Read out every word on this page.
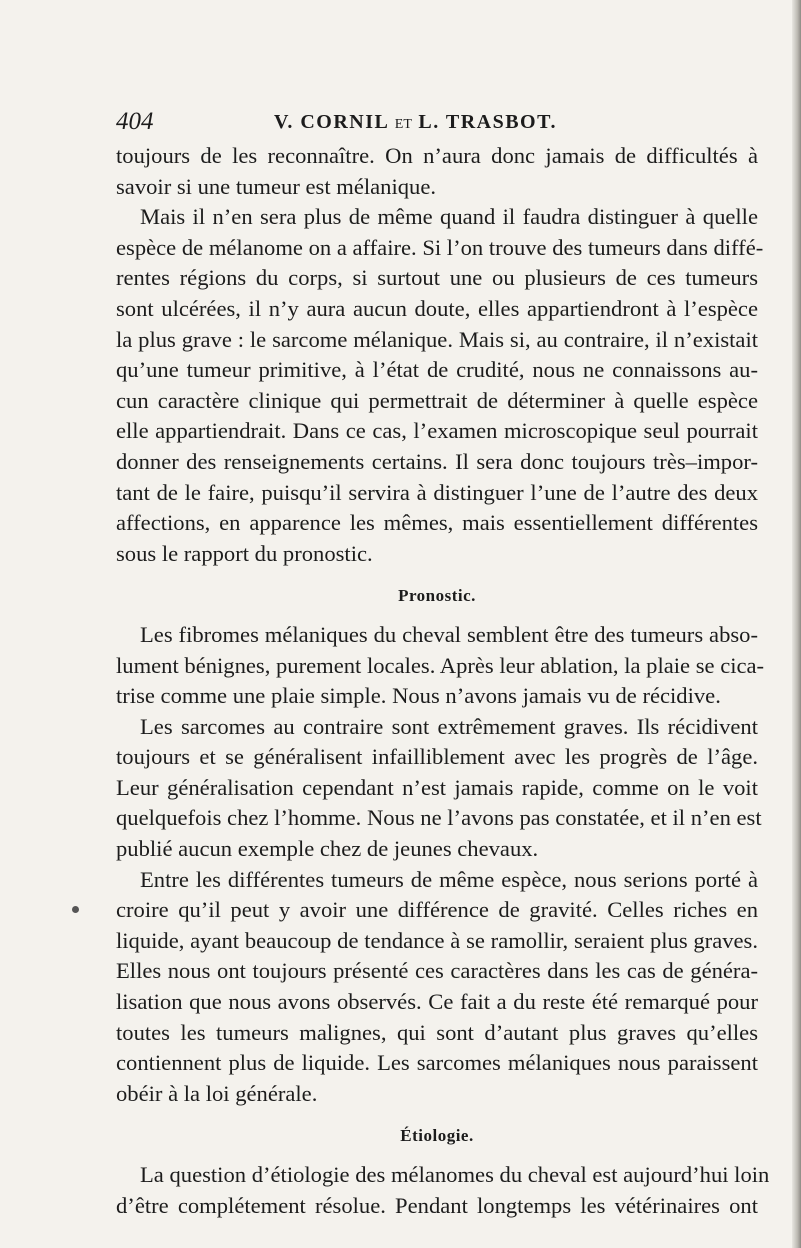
404	V. CORNIL ET L. TRASBOT.
toujours de les reconnaître. On n’aura donc jamais de difficultés à
savoir si une tumeur est mélanique.
Mais il n’en sera plus de même quand il faudra distinguer à quelle
espèce de mélanome on a affaire. Si l’on trouve des tumeurs dans diffé-
rentes régions du corps, si surtout une ou plusieurs de ces tumeurs
sont ulcérées, il n’y aura aucun doute, elles appartiendront à l’espèce
la plus grave : le sarcome mélanique. Mais si, au contraire, il n’existait
qu’une tumeur primitive, à l’état de crudité, nous ne connaissons au-
cun caractère clinique qui permettrait de déterminer à quelle espèce
elle appartiendrait. Dans ce cas, l’examen microscopique seul pourrait
donner des renseignements certains. Il sera donc toujours très–impor-
tant de le faire, puisqu’il servira à distinguer l’une de l’autre des deux
affections, en apparence les mêmes, mais essentiellement différentes
sous le rapport du pronostic.
Pronostic.
Les fibromes mélaniques du cheval semblent être des tumeurs abso-
lument bénignes, purement locales. Après leur ablation, la plaie se cica-
trise comme une plaie simple. Nous n’avons jamais vu de récidive.
Les sarcomes au contraire sont extrêmement graves. Ils récidivent
toujours et se généralisent infailliblement avec les progrès de l’âge.
Leur généralisation cependant n’est jamais rapide, comme on le voit
quelquefois chez l’homme. Nous ne l’avons pas constatée, et il n’en est
publié aucun exemple chez de jeunes chevaux.
Entre les différentes tumeurs de même espèce, nous serions porté à
croire qu’il peut y avoir une différence de gravité. Celles riches en
liquide, ayant beaucoup de tendance à se ramollir, seraient plus graves.
Elles nous ont toujours présenté ces caractères dans les cas de généra-
lisation que nous avons observés. Ce fait a du reste été remarqué pour
toutes les tumeurs malignes, qui sont d’autant plus graves qu’elles
contiennent plus de liquide. Les sarcomes mélaniques nous paraissent
obéir à la loi générale.
Étiologie.
La question d’étiologie des mélanomes du cheval est aujourd’hui loin
d’être complétement résolue. Pendant longtemps les vétérinaires ont
